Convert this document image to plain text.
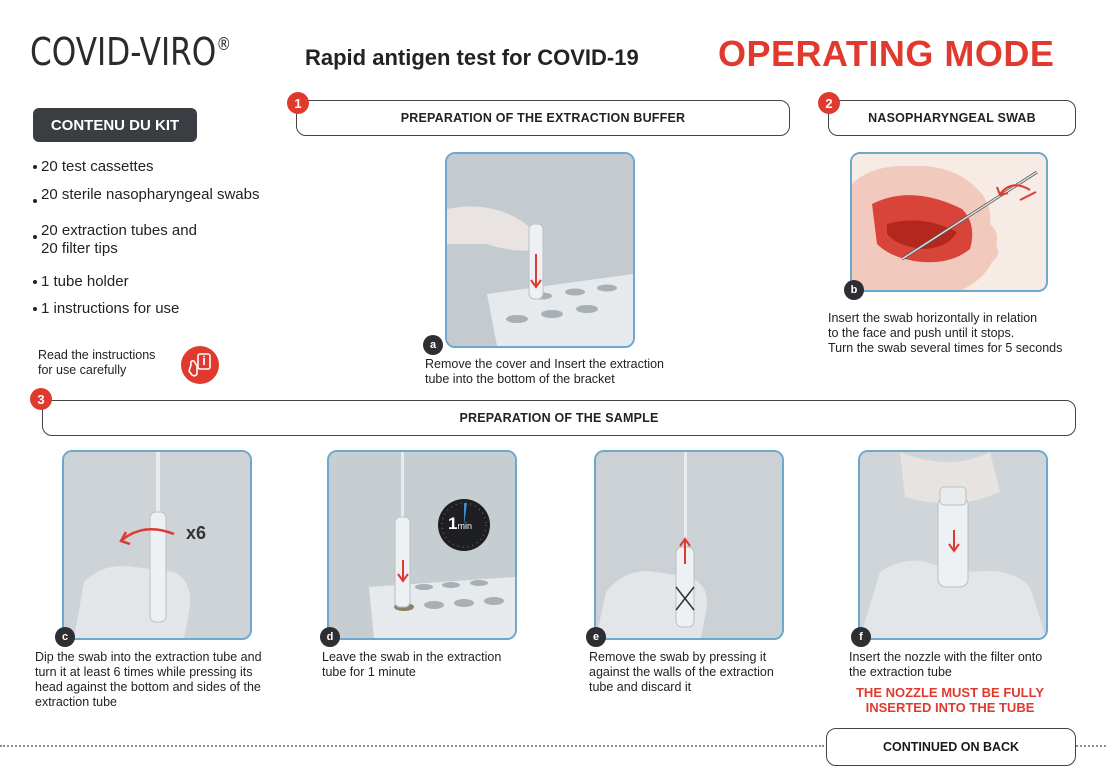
COVID-VIRO®
Rapid antigen test for COVID-19 OPERATING MODE
CONTENU DU KIT
20 test cassettes
20 sterile nasopharyngeal swabs
20 extraction tubes and
20 filter tips
1 tube holder
1 instructions for use
Read the instructions
for use carefully
PREPARATION OF THE EXTRACTION BUFFER
1
NASOPHARYNGEAL SWAB
2
a
Remove the cover and Insert the extraction
tube into the bottom of the bracket
b
Insert the swab horizontally in relation
to the face and push until it stops.
Turn the swab several times for 5 seconds
PREPARATION OF THE SAMPLE
3
x6
c
Dip the swab into the extraction tube and
turn it at least 6 times while pressing its
head against the bottom and sides of the
extraction tube
1min
d
Leave the swab in the extraction
tube for 1 minute
e
Remove the swab by pressing it
against the walls of the extraction
tube and discard it
f
Insert the nozzle with the filter onto
the extraction tube
THE NOZZLE MUST BE FULLY
INSERTED INTO THE TUBE
CONTINUED ON BACK
